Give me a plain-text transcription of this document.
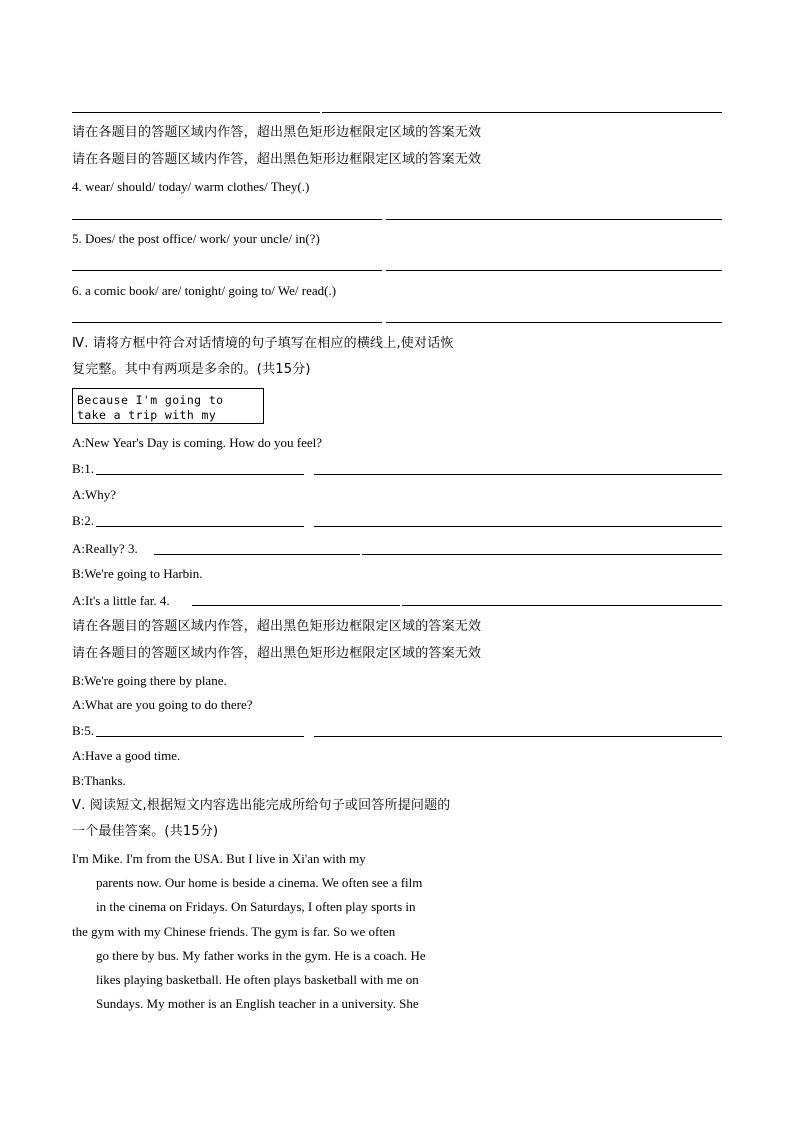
请在各题目的答题区域内作答，超出黑色矩形边框限定区域的答案无效
请在各题目的答题区域内作答，超出黑色矩形边框限定区域的答案无效
4. wear/ should/ today/ warm clothes/ They(.)
5. Does/ the post office/ work/ your uncle/ in(?)
6. a comic book/ are/ tonight/ going to/ We/ read(.)
Ⅳ. 请将方框中符合对话情境的句子填写在相应的横线上,使对话恢
复完整。其中有两项是多余的。(共15分)
Because I'm going to
take a trip with my
A:New Year's Day is coming. How do you feel?
B:1.
A:Why?
B:2.
A:Really? 3.
B:We're going to Harbin.
A:It's a little far. 4.
请在各题目的答题区域内作答，超出黑色矩形边框限定区域的答案无效
请在各题目的答题区域内作答，超出黑色矩形边框限定区域的答案无效
B:We're going there by plane.
A:What are you going to do there?
B:5.
A:Have a good time.
B:Thanks.
Ⅴ. 阅读短文,根据短文内容选出能完成所给句子或回答所提问题的
一个最佳答案。(共15分)
I'm Mike. I'm from the USA. But I live in Xi'an with my
parents now. Our home is beside a cinema. We often see a film
in the cinema on Fridays. On Saturdays, I often play sports in
the gym with my Chinese friends. The gym is far. So we often
go there by bus. My father works in the gym. He is a coach. He
likes playing basketball. He often plays basketball with me on
Sundays. My mother is an English teacher in a university. She
